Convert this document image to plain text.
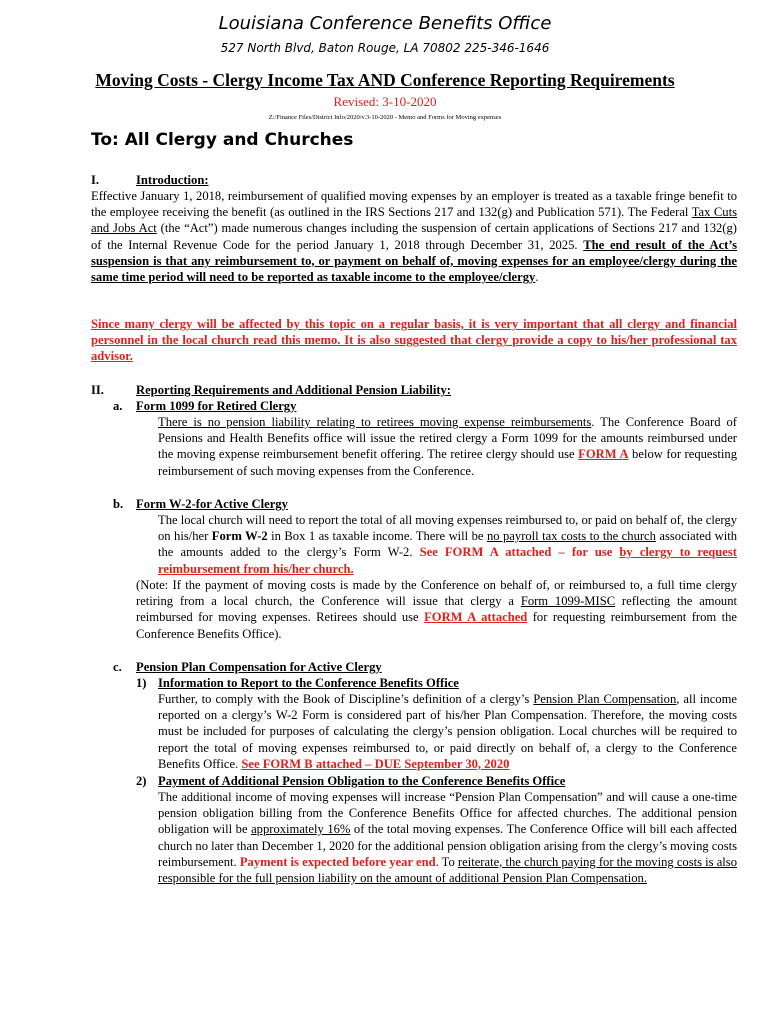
Louisiana Conference Benefits Office
527 North Blvd, Baton Rouge, LA 70802 225-346-1646
Moving Costs - Clergy Income Tax AND Conference Reporting Requirements
Revised: 3-10-2020
Z:/Finance Files/District Info/2020/v.3-10-2020 - Memo and Forms for Moving expenses
To: All Clergy and Churches
I.	Introduction:
Effective January 1, 2018, reimbursement of qualified moving expenses by an employer is treated as a taxable fringe benefit to the employee receiving the benefit (as outlined in the IRS Sections 217 and 132(g) and Publication 571). The Federal Tax Cuts and Jobs Act (the “Act”) made numerous changes including the suspension of certain applications of Sections 217 and 132(g) of the Internal Revenue Code for the period January 1, 2018 through December 31, 2025. The end result of the Act’s suspension is that any reimbursement to, or payment on behalf of, moving expenses for an employee/clergy during the same time period will need to be reported as taxable income to the employee/clergy.
Since many clergy will be affected by this topic on a regular basis, it is very important that all clergy and financial personnel in the local church read this memo. It is also suggested that clergy provide a copy to his/her professional tax advisor.
II.	Reporting Requirements and Additional Pension Liability:
a. Form 1099 for Retired Clergy
There is no pension liability relating to retirees moving expense reimbursements. The Conference Board of Pensions and Health Benefits office will issue the retired clergy a Form 1099 for the amounts reimbursed under the moving expense reimbursement benefit offering. The retiree clergy should use FORM A below for requesting reimbursement of such moving expenses from the Conference.
b. Form W-2-for Active Clergy
The local church will need to report the total of all moving expenses reimbursed to, or paid on behalf of, the clergy on his/her Form W-2 in Box 1 as taxable income. There will be no payroll tax costs to the church associated with the amounts added to the clergy’s Form W-2. See FORM A attached – for use by clergy to request reimbursement from his/her church.
(Note: If the payment of moving costs is made by the Conference on behalf of, or reimbursed to, a full time clergy retiring from a local church, the Conference will issue that clergy a Form 1099-MISC reflecting the amount reimbursed for moving expenses. Retirees should use FORM A attached for requesting reimbursement from the Conference Benefits Office).
c. Pension Plan Compensation for Active Clergy
1) Information to Report to the Conference Benefits Office
Further, to comply with the Book of Discipline’s definition of a clergy’s Pension Plan Compensation, all income reported on a clergy’s W-2 Form is considered part of his/her Plan Compensation. Therefore, the moving costs must be included for purposes of calculating the clergy’s pension obligation. Local churches will be required to report the total of moving expenses reimbursed to, or paid directly on behalf of, a clergy to the Conference Benefits Office. See FORM B attached – DUE September 30, 2020
2) Payment of Additional Pension Obligation to the Conference Benefits Office
The additional income of moving expenses will increase “Pension Plan Compensation” and will cause a one-time pension obligation billing from the Conference Benefits Office for affected churches. The additional pension obligation will be approximately 16% of the total moving expenses. The Conference Office will bill each affected church no later than December 1, 2020 for the additional pension obligation arising from the clergy’s moving costs reimbursement. Payment is expected before year end. To reiterate, the church paying for the moving costs is also responsible for the full pension liability on the amount of additional Pension Plan Compensation.
